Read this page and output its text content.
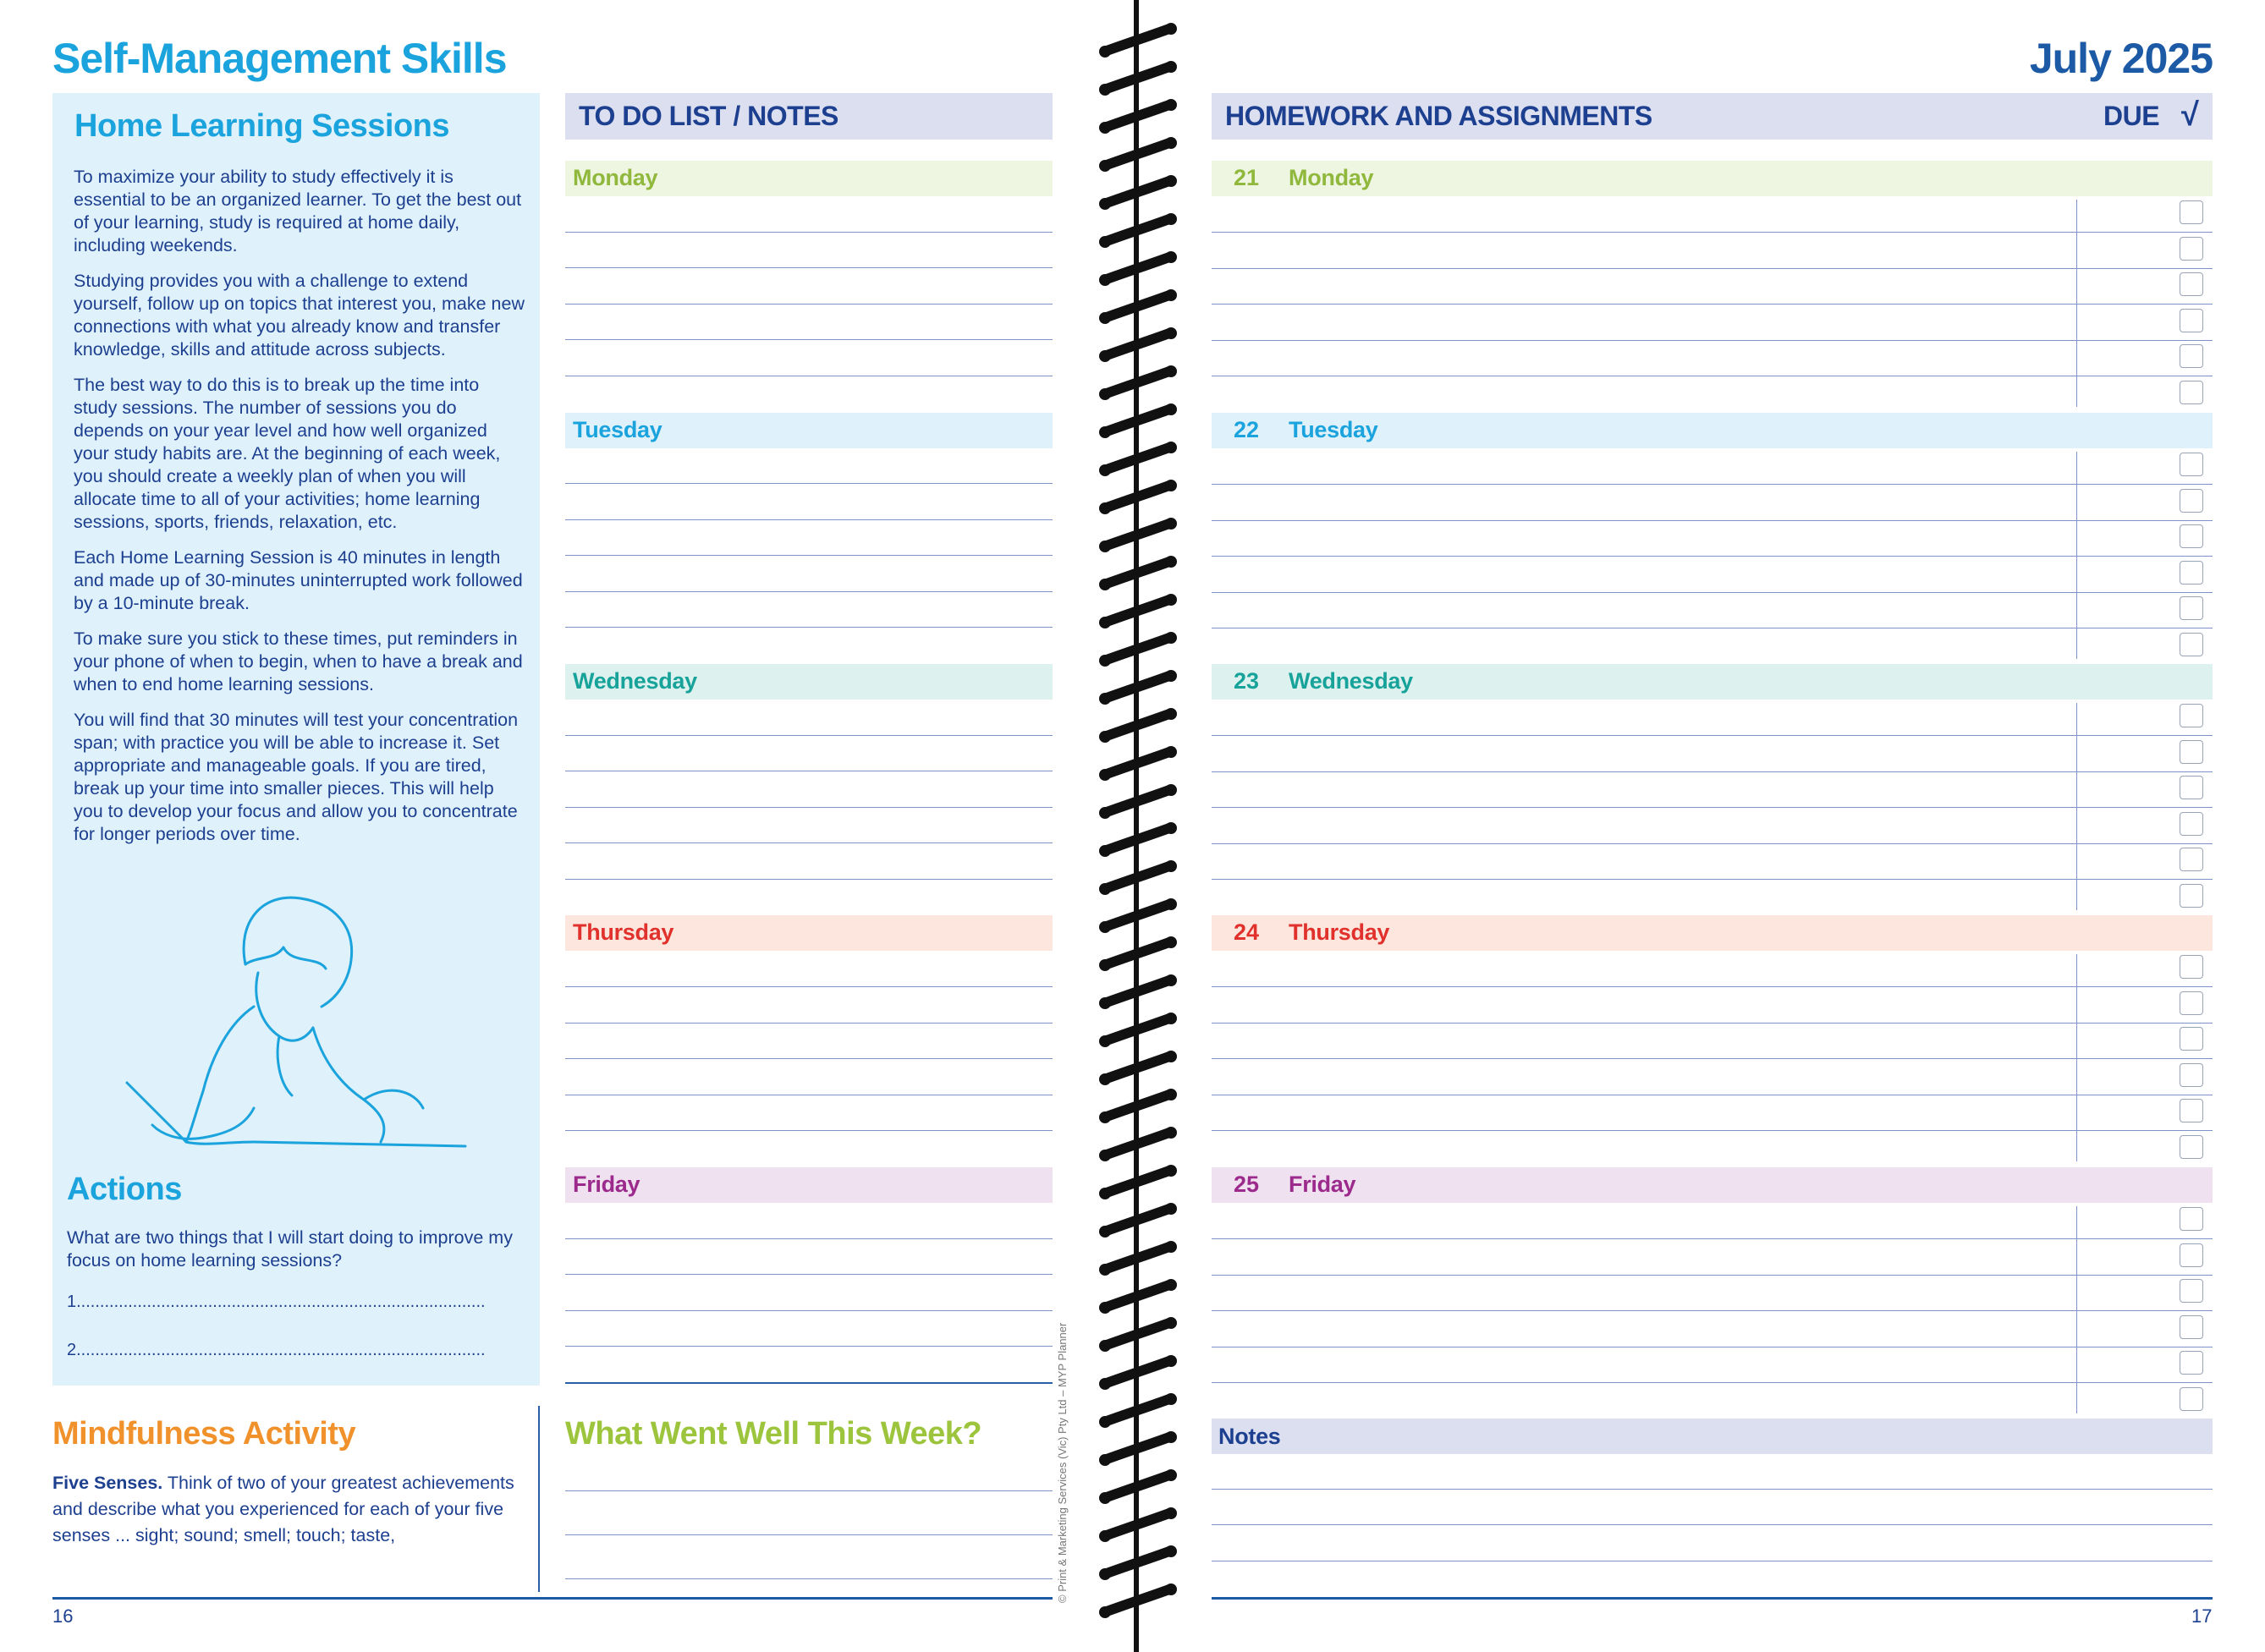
Self-Management Skills
Home Learning Sessions

To maximize your ability to study effectively it is essential to be an organized learner. To get the best out of your learning, study is required at home daily, including weekends.

Studying provides you with a challenge to extend yourself, follow up on topics that interest you, make new connections with what you already know and transfer knowledge, skills and attitude across subjects.

The best way to do this is to break up the time into study sessions. The number of sessions you do depends on your year level and how well organized your study habits are. At the beginning of each week, you should create a weekly plan of when you will allocate time to all of your activities; home learning sessions, sports, friends, relaxation, etc.

Each Home Learning Session is 40 minutes in length and made up of 30-minutes uninterrupted work followed by a 10-minute break.

To make sure you stick to these times, put reminders in your phone of when to begin, when to have a break and when to end home learning sessions.

You will find that 30 minutes will test your concentration span; with practice you will be able to increase it. Set appropriate and manageable goals. If you are tired, break up your time into smaller pieces. This will help you to develop your focus and allow you to concentrate for longer periods over time.

Actions
What are two things that I will start doing to improve my focus on home learning sessions?
1.......................................................................................
2.......................................................................................
Mindfulness Activity
Five Senses. Think of two of your greatest achievements and describe what you experienced for each of your five senses ... sight; sound; smell; touch; taste,
TO DO LIST / NOTES
Monday
Tuesday
Wednesday
Thursday
Friday
What Went Well This Week?
16
© Print & Marketing Services (Vic) Pty Ltd – MYP Planner
July 2025
HOMEWORK AND ASSIGNMENTS	DUE √
21 Monday
22 Tuesday
23 Wednesday
24 Thursday
25 Friday
Notes
17
